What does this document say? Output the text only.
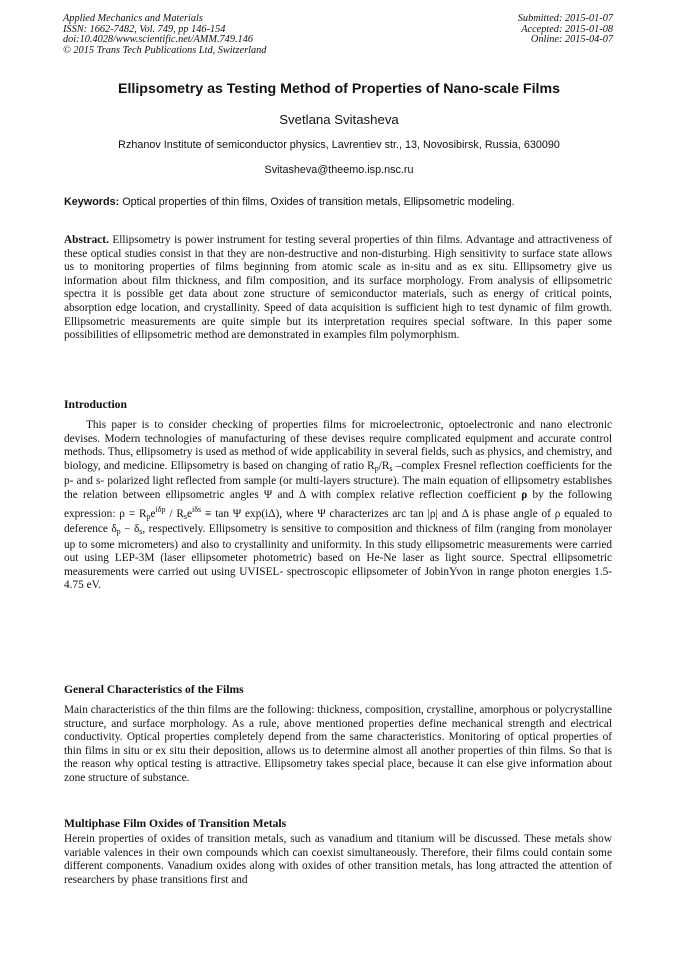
Applied Mechanics and Materials
ISSN: 1662-7482, Vol. 749, pp 146-154
doi:10.4028/www.scientific.net/AMM.749.146
© 2015 Trans Tech Publications Ltd, Switzerland
Submitted: 2015-01-07
Accepted: 2015-01-08
Online: 2015-04-07
Ellipsometry as Testing Method of Properties of Nano-scale Films
Svetlana Svitasheva
Rzhanov Institute of semiconductor physics, Lavrentiev str., 13, Novosibirsk, Russia, 630090
Svitasheva@theemo.isp.nsc.ru
Keywords: Optical properties of thin films, Oxides of transition metals, Ellipsometric modeling.
Abstract. Ellipsometry is power instrument for testing several properties of thin films. Advantage and attractiveness of these optical studies consist in that they are non-destructive and non-disturbing. High sensitivity to surface state allows us to monitoring properties of films beginning from atomic scale as in-situ and as ex situ. Ellipsometry give us information about film thickness, and film composition, and its surface morphology. From analysis of ellipsometric spectra it is possible get data about zone structure of semiconductor materials, such as energy of critical points, absorption edge location, and crystallinity. Speed of data acquisition is sufficient high to test dynamic of film growth. Ellipsometric measurements are quite simple but its interpretation requires special software. In this paper some possibilities of ellipsometric method are demonstrated in examples film polymorphism.
Introduction
This paper is to consider checking of properties films for microelectronic, optoelectronic and nano electronic devises. Modern technologies of manufacturing of these devises require complicated equipment and accurate control methods. Thus, ellipsometry is used as method of wide applicability in several fields, such as physics, and chemistry, and biology, and medicine. Ellipsometry is based on changing of ratio $R_p/R_s$ –complex Fresnel reflection coefficients for the p- and s- polarized light reflected from sample (or multi-layers structure). The main equation of ellipsometry establishes the relation between ellipsometric angles Ψ and Δ with complex relative reflection coefficient ρ by the following expression: $\rho = R_pe^{i\delta p} / R_se^{i\delta s} \equiv \tan \Psi$ exp(iΔ), where Ψ characterizes arc tan |ρ| and Δ is phase angle of ρ equaled to deference $\delta_p - \delta_s$, respectively. Ellipsometry is sensitive to composition and thickness of film (ranging from monolayer up to some micrometers) and also to crystallinity and uniformity. In this study ellipsometric measurements were carried out using LEP-3M (laser ellipsometer photometric) based on He-Ne laser as light source. Spectral ellipsometric measurements were carried out using UVISEL- spectroscopic ellipsometer of JobinYvon in range photon energies 1.5-4.75 eV.
General Characteristics of the Films
Main characteristics of the thin films are the following: thickness, composition, crystalline, amorphous or polycrystalline structure, and surface morphology. As a rule, above mentioned properties define mechanical strength and electrical conductivity. Optical properties completely depend from the same characteristics. Monitoring of optical properties of thin films in situ or ex situ their deposition, allows us to determine almost all another properties of thin films. So that is the reason why optical testing is attractive. Ellipsometry takes special place, because it can else give information about zone structure of substance.
Multiphase Film Oxides of Transition Metals
Herein properties of oxides of transition metals, such as vanadium and titanium will be discussed. These metals show variable valences in their own compounds which can coexist simultaneously. Therefore, their films could contain some different components. Vanadium oxides along with oxides of other transition metals, has long attracted the attention of researchers by phase transitions first and
